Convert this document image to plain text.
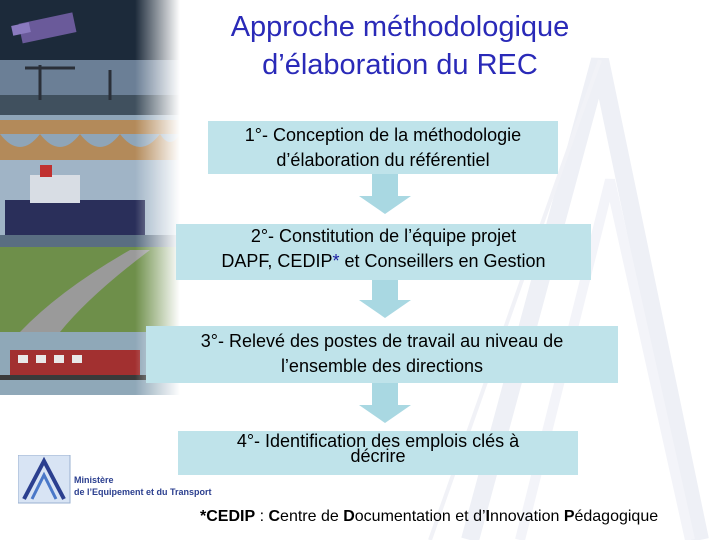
Approche méthodologique
d’élaboration du REC
1°- Conception de la méthodologie
d’élaboration du référentiel
2°- Constitution de l’équipe projet
DAPF, CEDIP* et Conseillers en Gestion
3°- Relevé des postes de travail au niveau de
l’ensemble des directions
4°- Identification des emplois clés à
décrire
Ministère
de l’Equipement et du Transport
*CEDIP : Centre de Documentation et d’Innovation Pédagogique
